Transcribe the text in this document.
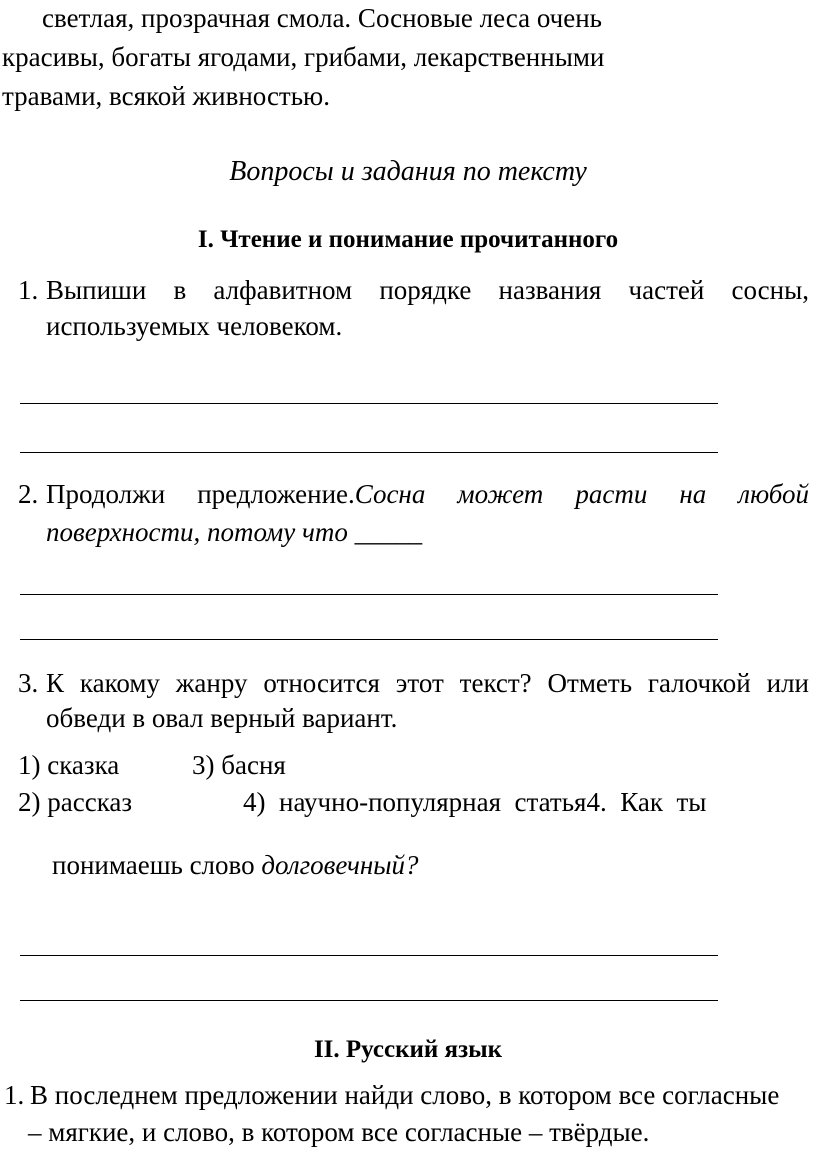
светлая, прозрачная смола. Сосновые леса очень
красивы, богаты ягодами, грибами, лекарственными
травами, всякой живностью.
Вопросы и задания по тексту
I. Чтение и понимание прочитанного
1. Выпиши в алфавитном порядке названия частей сосны,
используемых человеком.
2. Продолжи предложение.Сосна может расти на любой
поверхности, потому что _____
3. К какому жанру относится этот текст? Отметь галочкой или
обведи в овал верный вариант.
1) сказка	3) басня
2) рассказ	4)  научно-популярная  статья4.  Как  ты
понимаешь слово долговечный?
II. Русский язык
1. В последнем предложении найди слово, в котором все согласные
– мягкие, и слово, в котором все согласные – твёрдые.
